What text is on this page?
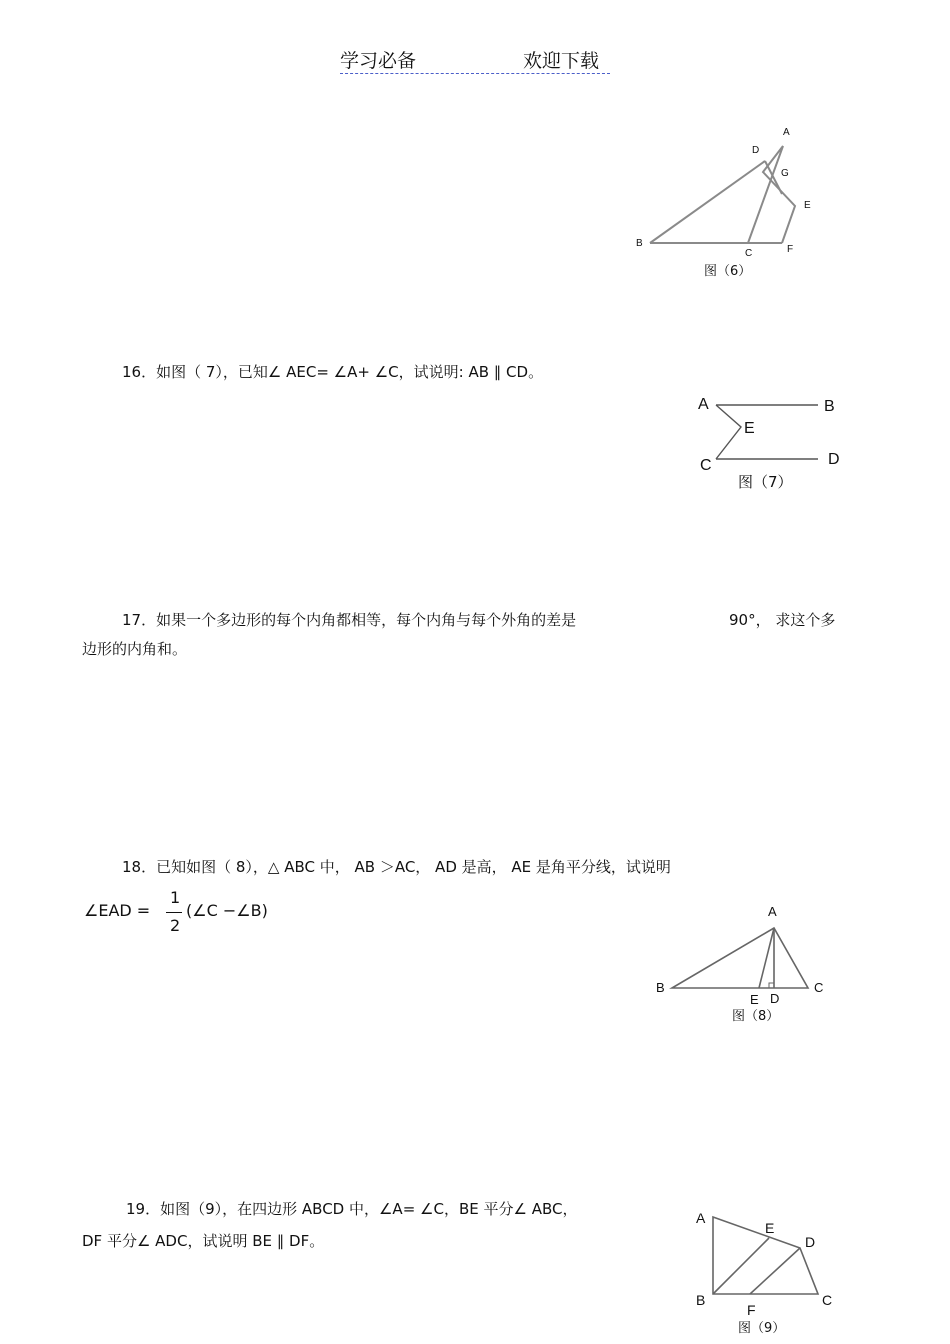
学习必备	欢迎下载
A
D
G
E
B
C	F
图（6）
16．如图（ 7），已知∠ AEC= ∠A+ ∠C，试说明: AB ∥ CD。
A	B
E
C	D
图（7）
17．如果一个多边形的每个内角都相等，每个内角与每个外角的差是	90°， 求这个多
边形的内角和。
18．已知如图（ 8），△ ABC 中， AB ＞AC， AD 是高， AE 是角平分线，试说明
∠EAD =
1
2
(∠C −∠B)	A
B	C
E D
图（8）
19．如图（9），在四边形 ABCD 中，∠A= ∠C，BE 平分∠ ABC，
DF 平分∠ ADC，试说明 BE ∥ DF。
A
E
D
B
F
C
图（9）
